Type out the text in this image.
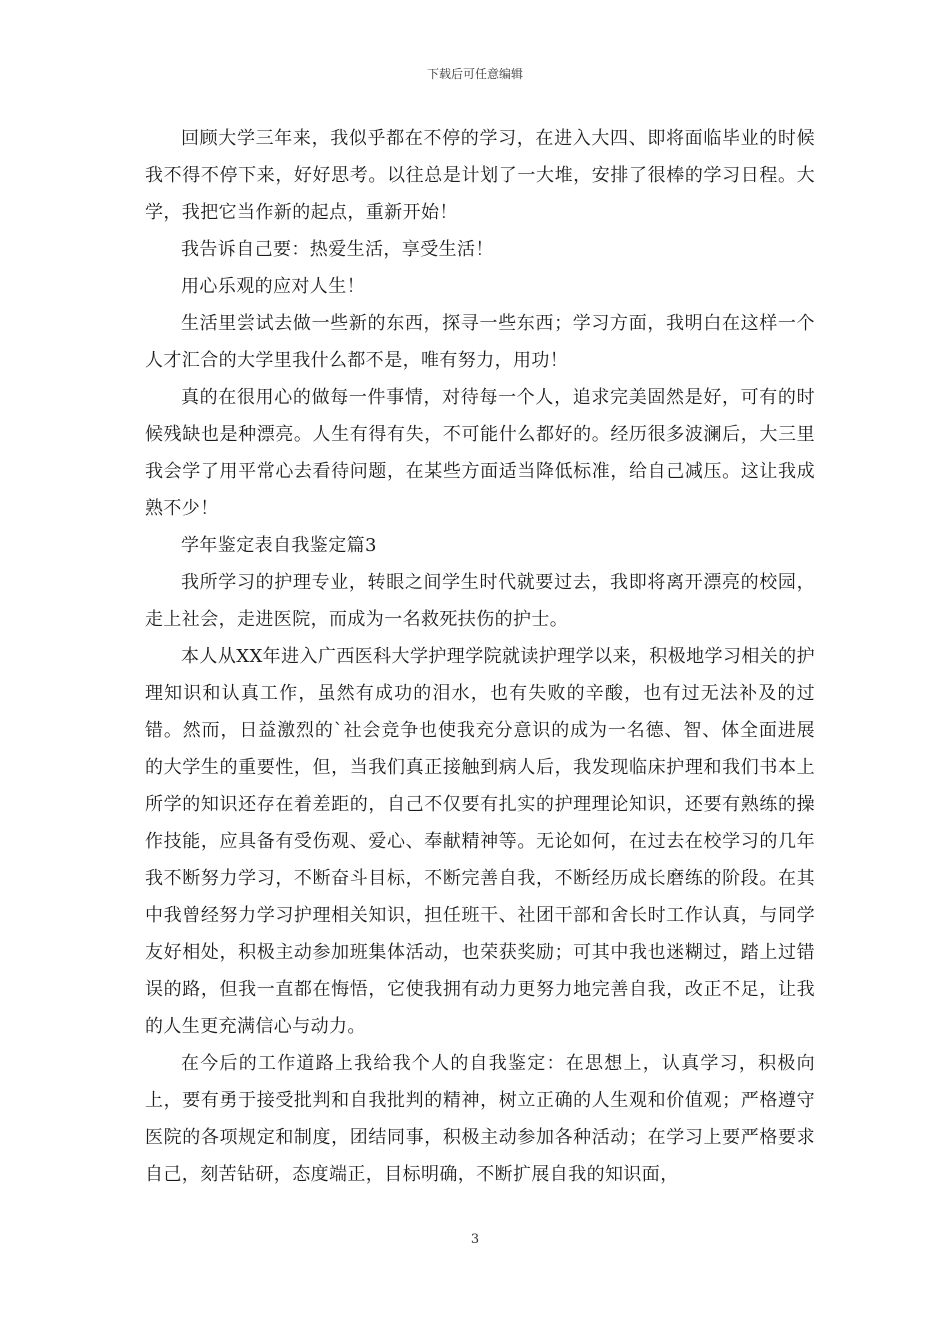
下载后可任意编辑

回顾大学三年来，我似乎都在不停的学习，在进入大四、即将面临毕业的时候我不得不停下来，好好思考。以往总是计划了一大堆，安排了很棒的学习日程。大学，我把它当作新的起点，重新开始！

我告诉自己要：热爱生活，享受生活！

用心乐观的应对人生！

生活里尝试去做一些新的东西，探寻一些东西；学习方面，我明白在这样一个人才汇合的大学里我什么都不是，唯有努力，用功！

真的在很用心的做每一件事情，对待每一个人，追求完美固然是好，可有的时候残缺也是种漂亮。人生有得有失，不可能什么都好的。经历很多波澜后，大三里我会学了用平常心去看待问题，在某些方面适当降低标准，给自己减压。这让我成熟不少！

学年鉴定表自我鉴定篇3

我所学习的护理专业，转眼之间学生时代就要过去，我即将离开漂亮的校园，走上社会，走进医院，而成为一名救死扶伤的护士。

本人从XX年进入广西医科大学护理学院就读护理学以来，积极地学习相关的护理知识和认真工作，虽然有成功的泪水，也有失败的辛酸，也有过无法补及的过错。然而，日益激烈的`社会竞争也使我充分意识的成为一名德、智、体全面进展的大学生的重要性，但，当我们真正接触到病人后，我发现临床护理和我们书本上所学的知识还存在着差距的，自己不仅要有扎实的护理理论知识，还要有熟练的操作技能，应具备有受伤观、爱心、奉献精神等。无论如何，在过去在校学习的几年我不断努力学习，不断奋斗目标，不断完善自我，不断经历成长磨练的阶段。在其中我曾经努力学习护理相关知识，担任班干、社团干部和舍长时工作认真，与同学友好相处，积极主动参加班集体活动，也荣获奖励；可其中我也迷糊过，踏上过错误的路，但我一直都在悔悟，它使我拥有动力更努力地完善自我，改正不足，让我的人生更充满信心与动力。

在今后的工作道路上我给我个人的自我鉴定：在思想上，认真学习，积极向上，要有勇于接受批判和自我批判的精神，树立正确的人生观和价值观；严格遵守医院的各项规定和制度，团结同事，积极主动参加各种活动；在学习上要严格要求自己，刻苦钻研，态度端正，目标明确，不断扩展自我的知识面，

3
